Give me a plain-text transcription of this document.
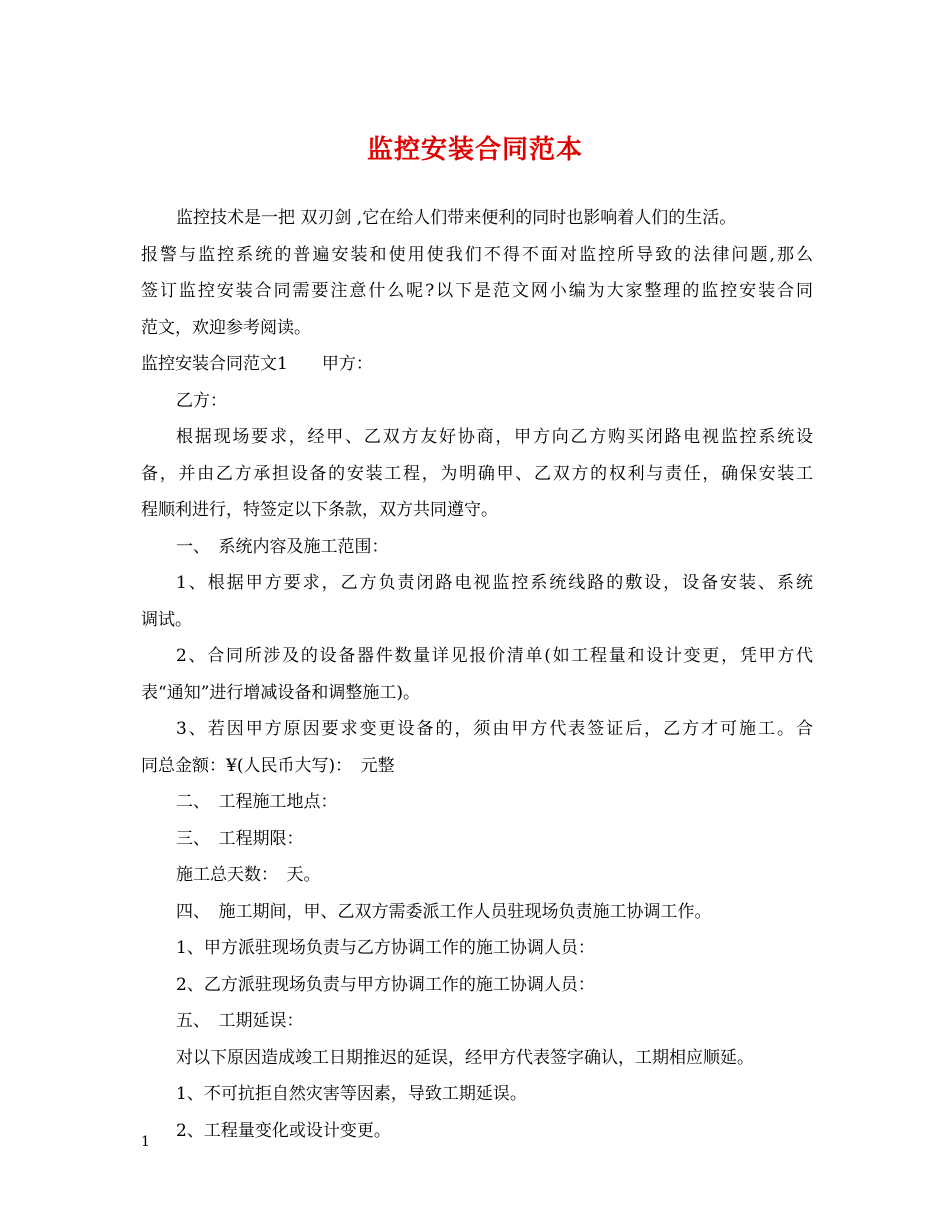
监控安装合同范本
监控技术是一把 双刃剑 ,它在给人们带来便利的同时也影响着人们的生活。
报警与监控系统的普遍安装和使用使我们不得不面对监控所导致的法律问题,那么
签订监控安装合同需要注意什么呢?以下是范文网小编为大家整理的监控安装合同
范文，欢迎参考阅读。
监控安装合同范文1　　甲方：
乙方：
根据现场要求，经甲、乙双方友好协商，甲方向乙方购买闭路电视监控系统设
备，并由乙方承担设备的安装工程，为明确甲、乙双方的权利与责任，确保安装工
程顺利进行，特签定以下条款，双方共同遵守。
一、　系统内容及施工范围：
1、根据甲方要求，乙方负责闭路电视监控系统线路的敷设，设备安装、系统
调试。
2、合同所涉及的设备器件数量详见报价清单(如工程量和设计变更，凭甲方代
表“通知”进行增减设备和调整施工)。
3、若因甲方原因要求变更设备的，须由甲方代表签证后，乙方才可施工。合
同总金额：¥(人民币大写)：　元整
二、　工程施工地点：
三、　工程期限：
施工总天数：　天。
四、　施工期间，甲、乙双方需委派工作人员驻现场负责施工协调工作。
1、甲方派驻现场负责与乙方协调工作的施工协调人员：
2、乙方派驻现场负责与甲方协调工作的施工协调人员：
五、　工期延误：
对以下原因造成竣工日期推迟的延误，经甲方代表签字确认，工期相应顺延。
1、不可抗拒自然灾害等因素，导致工期延误。
2、工程量变化或设计变更。
1
